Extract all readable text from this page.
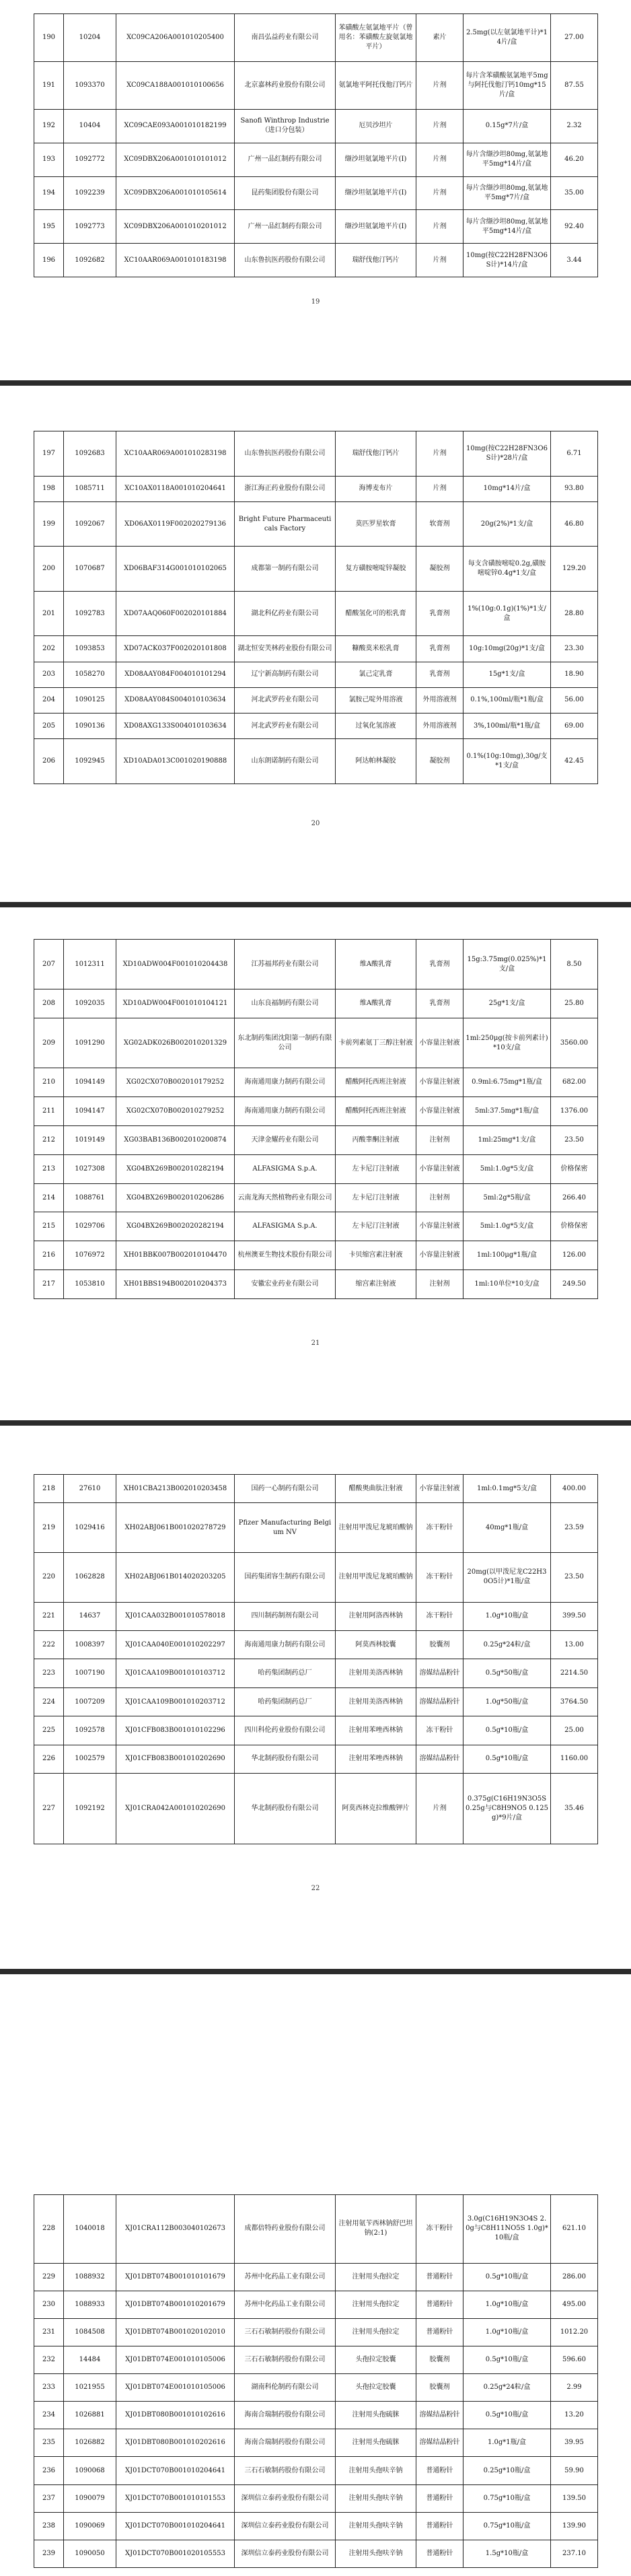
190	10204	XC09CA206A001010205400	南昌弘益药业有限公司	苯磺酸左氨氯地平片（曾用名：苯磺酸左旋氨氯地平片）	素片	2.5mg(以左氨氯地平计)*14片/盒	27.00
191	1093370	XC09CA188A001010100656	北京嘉林药业股份有限公司	氨氯地平阿托伐他汀钙片	片剂	每片含苯磺酸氨氯地平5mg与阿托伐他汀钙10mg*15片/盒	87.55
192	10404	XC09CAE093A001010182199	Sanofi Winthrop Industrie（进口分包装）	厄贝沙坦片	片剂	0.15g*7片/盒	2.32
193	1092772	XC09DBX206A001010101012	广州一品红制药有限公司	缬沙坦氨氯地平片(Ⅰ)	片剂	每片含缬沙坦80mg,氨氯地平5mg*14片/盒	46.20
194	1092239	XC09DBX206A001010105614	昆药集团股份有限公司	缬沙坦氨氯地平片(Ⅰ)	片剂	每片含缬沙坦80mg,氨氯地平5mg*7片/盒	35.00
195	1092773	XC09DBX206A001010201012	广州一品红制药有限公司	缬沙坦氨氯地平片(Ⅰ)	片剂	每片含缬沙坦80mg,氨氯地平5mg*14片/盒	92.40
196	1092682	XC10AAR069A001010183198	山东鲁抗医药股份有限公司	瑞舒伐他汀钙片	片剂	10mg(按C22H28FN3O6S计)*14片/盒	3.44
19
197	1092683	XC10AAR069A001010283198	山东鲁抗医药股份有限公司	瑞舒伐他汀钙片	片剂	10mg(按C22H28FN3O6S计)*28片/盒	6.71
198	1085711	XC10AX0118A001010204641	浙江海正药业股份有限公司	海博麦布片	片剂	10mg*14片/盒	93.80
199	1092067	XD06AX0119F002020279136	Bright Future Pharmaceuticals Factory	莫匹罗星软膏	软膏剂	20g(2%)*1支/盒	46.80
200	1070687	XD06BAF314G001010102065	成都第一制药有限公司	复方磺胺嘧啶锌凝胶	凝胶剂	每支含磺胺嘧啶0.2g,磺胺嘧啶锌0.4g*1支/盒	129.20
201	1092783	XD07AAQ060F002020101884	湖北科亿药业有限公司	醋酸氢化可的松乳膏	乳膏剂	1%(10g:0.1g)(1%)*1支/盒	28.80
202	1093853	XD07ACK037F002020101808	湖北恒安芙林药业股份有限公司	糠酸莫米松乳膏	乳膏剂	10g:10mg(20g)*1支/盒	23.30
203	1058270	XD08AAY084F004010101294	辽宁新高制药有限公司	氯己定乳膏	乳膏剂	15g*1支/盒	18.90
204	1090125	XD08AAY084S004010103634	河北武罗药业有限公司	氯胺己啶外用溶液	外用溶液剂	0.1%,100ml/瓶*1瓶/盒	56.00
205	1090136	XD08AXG133S004010103634	河北武罗药业有限公司	过氧化氢溶液	外用溶液剂	3%,100ml/瓶*1瓶/盒	69.00
206	1092945	XD10ADA013C001020190888	山东朗诺制药有限公司	阿达帕林凝胶	凝胶剂	0.1%(10g:10mg),30g/支*1支/盒	42.45
20
207	1012311	XD10ADW004F001010204438	江苏福邦药业有限公司	维A酸乳膏	乳膏剂	15g:3.75mg(0.025%)*1支/盒	8.50
208	1092035	XD10ADW004F001010104121	山东良福制药有限公司	维A酸乳膏	乳膏剂	25g*1支/盒	25.80
209	1091290	XG02ADK026B002010201329	东北制药集团沈阳第一制药有限公司	卡前列素氨丁三醇注射液	小容量注射液	1ml:250μg(按卡前列素计)*10支/盒	3560.00
210	1094149	XG02CX070B002010179252	海南通用康力制药有限公司	醋酸阿托西班注射液	小容量注射液	0.9ml:6.75mg*1瓶/盒	682.00
211	1094147	XG02CX070B002010279252	海南通用康力制药有限公司	醋酸阿托西班注射液	小容量注射液	5ml:37.5mg*1瓶/盒	1376.00
212	1019149	XG03BAB136B002010200874	天津金耀药业有限公司	丙酸睾酮注射液	注射剂	1ml:25mg*1支/盒	23.50
213	1027308	XG04BX269B002010282194	ALFASIGMA S.p.A.	左卡尼汀注射液	小容量注射液	5ml:1.0g*5支/盒	价格保密
214	1088761	XG04BX269B002010206286	云南龙海天然植物药业有限公司	左卡尼汀注射液	注射剂	5ml:2g*5瓶/盒	266.40
215	1029706	XG04BX269B002020282194	ALFASIGMA S.p.A.	左卡尼汀注射液	小容量注射液	5ml:1.0g*5支/盒	价格保密
216	1076972	XH01BBK007B002010104470	杭州澳亚生物技术股份有限公司	卡贝缩宫素注射液	小容量注射液	1ml:100μg*1瓶/盒	126.00
217	1053810	XH01BBS194B002010204373	安徽宏业药业有限公司	缩宫素注射液	注射剂	1ml:10单位*10支/盒	249.50
21
218	27610	XH01CBA213B002010203458	国药一心制药有限公司	醋酸奥曲肽注射液	小容量注射液	1ml:0.1mg*5支/盒	400.00
219	1029416	XH02ABJ061B001020278729	Pfizer Manufacturing Belgium NV	注射用甲泼尼龙琥珀酸钠	冻干粉针	40mg*1瓶/盒	23.59
220	1062828	XH02ABJ061B014020203205	国药集团容生制药有限公司	注射用甲泼尼龙琥珀酸钠	冻干粉针	20mg(以甲泼尼龙C22H30O5计)*1瓶/盒	23.50
221	14637	XJ01CAA032B001010578018	四川制药制剂有限公司	注射用阿洛西林钠	冻干粉针	1.0g*10瓶/盒	399.50
222	1008397	XJ01CAA040E001010202297	海南通用康力制药有限公司	阿莫西林胶囊	胶囊剂	0.25g*24粒/盒	13.00
223	1007190	XJ01CAA109B001010103712	哈药集团制药总厂	注射用美洛西林钠	溶媒结晶粉针	0.5g*50瓶/盒	2214.50
224	1007209	XJ01CAA109B001010203712	哈药集团制药总厂	注射用美洛西林钠	溶媒结晶粉针	1.0g*50瓶/盒	3764.50
225	1092578	XJ01CFB083B001010102296	四川科伦药业股份有限公司	注射用苯唑西林钠	冻干粉针	0.5g*10瓶/盒	25.00
226	1002579	XJ01CFB083B001010202690	华北制药股份有限公司	注射用苯唑西林钠	溶媒结晶粉针	0.5g*10瓶/盒	1160.00
227	1092192	XJ01CRA042A001010202690	华北制药股份有限公司	阿莫西林克拉维酸钾片	片剂	0.375g(C16H19N3O5S 0.25g与C8H9NO5 0.125g)*9片/盒	35.46
22
228	1040018	XJ01CRA112B003040102673	成都倍特药业股份有限公司	注射用氨苄西林钠舒巴坦钠(2:1)	冻干粉针	3.0g(C16H19N3O4S 2.0g与C8H11NO5S 1.0g)*10瓶/盒	621.10
229	1088932	XJ01DBT074B001010101679	苏州中化药品工业有限公司	注射用头孢拉定	普通粉针	0.5g*10瓶/盒	286.00
230	1088933	XJ01DBT074B001010201679	苏州中化药品工业有限公司	注射用头孢拉定	普通粉针	1.0g*10瓶/盒	495.00
231	1084508	XJ01DBT074B001020102010	三石石敏制药股份有限公司	注射用头孢拉定	普通粉针	1.0g*10瓶/盒	1012.20
232	14484	XJ01DBT074E001010105006	三石石敏制药股份有限公司	头孢拉定胶囊	胶囊剂	0.5g*10瓶/盒	596.60
233	1021955	XJ01DBT074E001010105006	湖南科伦制药有限公司	头孢拉定胶囊	胶囊剂	0.25g*24粒/盒	2.99
234	1026881	XJ01DBT080B001010102616	海南合瑞制药股份有限公司	注射用头孢硫脒	溶媒结晶粉针	0.5g*10瓶/盒	13.20
235	1026882	XJ01DBT080B001010202616	海南合瑞制药股份有限公司	注射用头孢硫脒	溶媒结晶粉针	1.0g*1瓶/盒	39.95
236	1090068	XJ01DCT070B001010204641	三石石敏制药股份有限公司	注射用头孢呋辛钠	普通粉针	0.25g*10瓶/盒	59.90
237	1090079	XJ01DCT070B001010101553	深圳信立泰药业股份有限公司	注射用头孢呋辛钠	普通粉针	0.75g*10瓶/盒	139.50
238	1090069	XJ01DCT070B001010204641	深圳信立泰药业股份有限公司	注射用头孢呋辛钠	普通粉针	0.75g*10瓶/盒	139.90
239	1090050	XJ01DCT070B001020105553	深圳信立泰药业股份有限公司	注射用头孢呋辛钠	普通粉针	1.5g*10瓶/盒	237.10
